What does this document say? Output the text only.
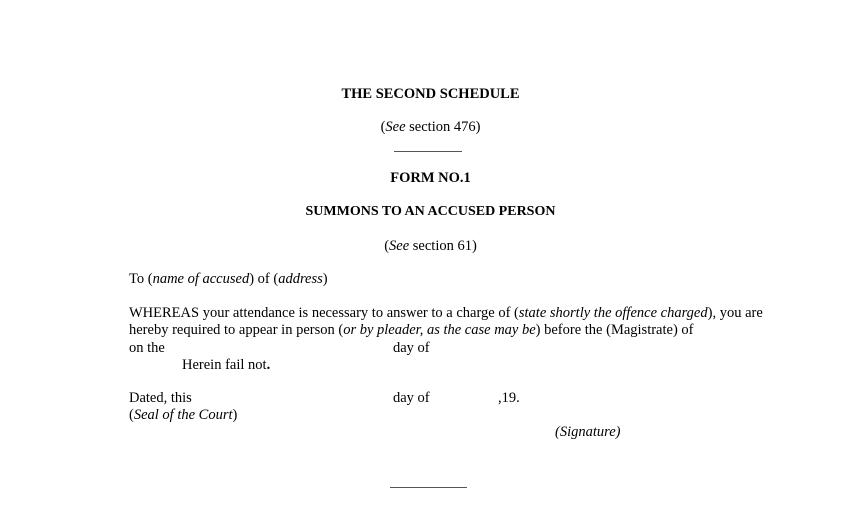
THE SECOND SCHEDULE
(See section 476)
FORM NO.1
SUMMONS TO AN ACCUSED PERSON
(See section 61)
To (name of accused) of (address)
WHEREAS your attendance is necessary to answer to a charge of (state shortly the offence charged), you are
hereby required to appear in person (or by pleader, as the case may be) before the (Magistrate) of
on the	day of
Herein fail not.
Dated, this	day of	,19.
(Seal of the Court)
(Signature)
